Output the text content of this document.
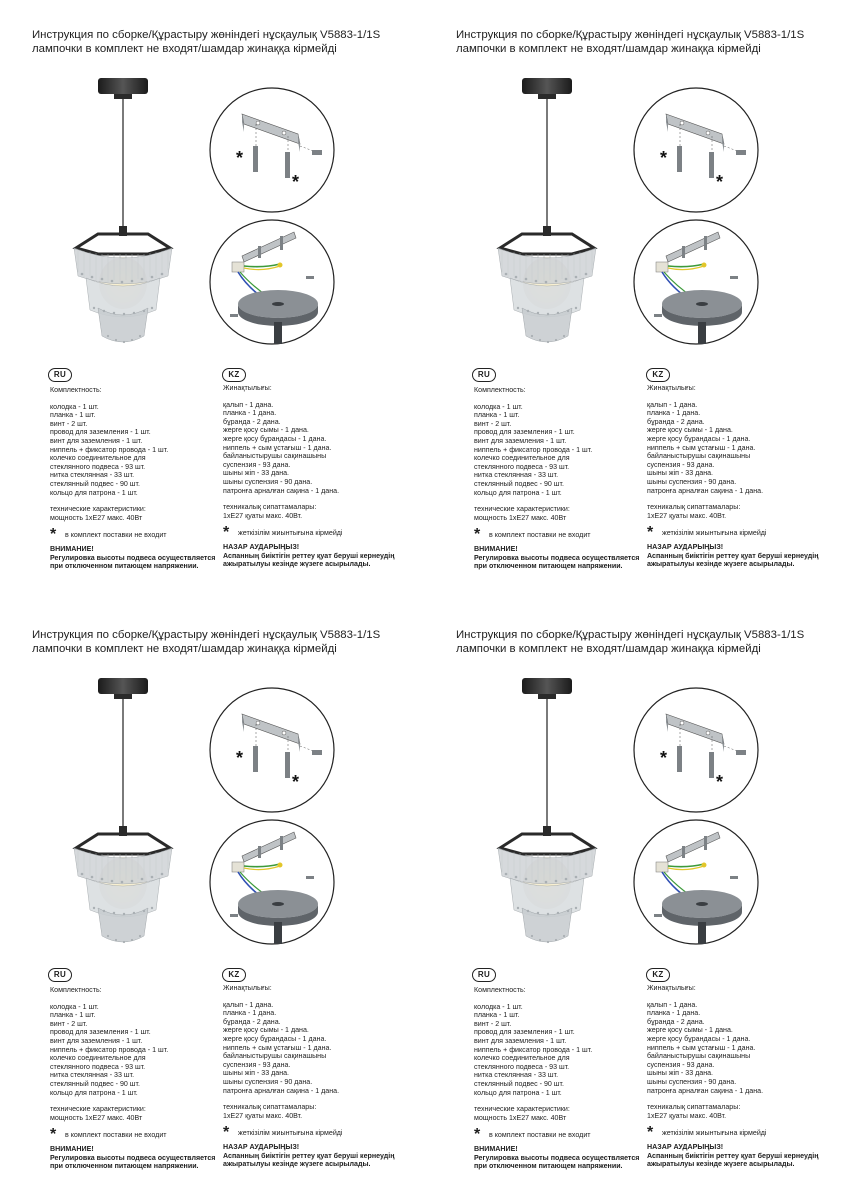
Инструкция по сборке/Құрастыру жөніндегі нұсқаулық V5883-1/1S
лампочки в комплект не входят/шамдар жинаққа кірмейді
*
*
RU
Комплектность:
колодка - 1 шт.
планка - 1 шт.
винт - 2 шт.
провод для заземления - 1 шт.
винт для заземления - 1 шт.
ниппель + фиксатор провода - 1 шт.
колечко соединительное для
стеклянного подвеса - 93 шт.
нитка стеклянная - 33 шт.
стеклянный подвес - 90 шт.
кольцо для патрона - 1 шт.
технические характеристики:
мощность 1хE27 макс. 40Вт
* в комплект поставки не входит
ВНИМАНИЕ!
Регулировка высоты подвеса осуществляется
при отключенном питающем напряжении.
KZ
Жинақтылығы:
қалып - 1 дана.
планка - 1 дана.
бұранда - 2 дана.
жерге қосу сымы - 1 дана.
жерге қосу бұрандасы - 1 дана.
ниппель + сым ұстағыш - 1 дана.
байланыстырушы сақинашыны
суспензия - 93 дана.
шыны жіп - 33 дана.
шыны суспензия - 90 дана.
патронға арналған сақина - 1 дана.
техникалық сипаттамалары:
1хE27 қуаты макс. 40Вт.
* жеткізілім жиынтығына кірмейді
НАЗАР АУДАРЫҢЫЗ!
Аспанның биіктігін реттеу қуат беруші кернеудің
ажыратылуы кезінде жүзеге асырылады.
Инструкция по сборке/Құрастыру жөніндегі нұсқаулық V5883-1/1S
лампочки в комплект не входят/шамдар жинаққа кірмейді
*
*
RU
Комплектность:
колодка - 1 шт.
планка - 1 шт.
винт - 2 шт.
провод для заземления - 1 шт.
винт для заземления - 1 шт.
ниппель + фиксатор провода - 1 шт.
колечко соединительное для
стеклянного подвеса - 93 шт.
нитка стеклянная - 33 шт.
стеклянный подвес - 90 шт.
кольцо для патрона - 1 шт.
технические характеристики:
мощность 1хE27 макс. 40Вт
* в комплект поставки не входит
ВНИМАНИЕ!
Регулировка высоты подвеса осуществляется
при отключенном питающем напряжении.
KZ
Жинақтылығы:
қалып - 1 дана.
планка - 1 дана.
бұранда - 2 дана.
жерге қосу сымы - 1 дана.
жерге қосу бұрандасы - 1 дана.
ниппель + сым ұстағыш - 1 дана.
байланыстырушы сақинашыны
суспензия - 93 дана.
шыны жіп - 33 дана.
шыны суспензия - 90 дана.
патронға арналған сақина - 1 дана.
техникалық сипаттамалары:
1хE27 қуаты макс. 40Вт.
* жеткізілім жиынтығына кірмейді
НАЗАР АУДАРЫҢЫЗ!
Аспанның биіктігін реттеу қуат беруші кернеудің
ажыратылуы кезінде жүзеге асырылады.
Инструкция по сборке/Құрастыру жөніндегі нұсқаулық V5883-1/1S
лампочки в комплект не входят/шамдар жинаққа кірмейді
*
*
RU
Комплектность:
колодка - 1 шт.
планка - 1 шт.
винт - 2 шт.
провод для заземления - 1 шт.
винт для заземления - 1 шт.
ниппель + фиксатор провода - 1 шт.
колечко соединительное для
стеклянного подвеса - 93 шт.
нитка стеклянная - 33 шт.
стеклянный подвес - 90 шт.
кольцо для патрона - 1 шт.
технические характеристики:
мощность 1хE27 макс. 40Вт
* в комплект поставки не входит
ВНИМАНИЕ!
Регулировка высоты подвеса осуществляется
при отключенном питающем напряжении.
KZ
Жинақтылығы:
қалып - 1 дана.
планка - 1 дана.
бұранда - 2 дана.
жерге қосу сымы - 1 дана.
жерге қосу бұрандасы - 1 дана.
ниппель + сым ұстағыш - 1 дана.
байланыстырушы сақинашыны
суспензия - 93 дана.
шыны жіп - 33 дана.
шыны суспензия - 90 дана.
патронға арналған сақина - 1 дана.
техникалық сипаттамалары:
1хE27 қуаты макс. 40Вт.
* жеткізілім жиынтығына кірмейді
НАЗАР АУДАРЫҢЫЗ!
Аспанның биіктігін реттеу қуат беруші кернеудің
ажыратылуы кезінде жүзеге асырылады.
Инструкция по сборке/Құрастыру жөніндегі нұсқаулық V5883-1/1S
лампочки в комплект не входят/шамдар жинаққа кірмейді
*
*
RU
Комплектность:
колодка - 1 шт.
планка - 1 шт.
винт - 2 шт.
провод для заземления - 1 шт.
винт для заземления - 1 шт.
ниппель + фиксатор провода - 1 шт.
колечко соединительное для
стеклянного подвеса - 93 шт.
нитка стеклянная - 33 шт.
стеклянный подвес - 90 шт.
кольцо для патрона - 1 шт.
технические характеристики:
мощность 1хE27 макс. 40Вт
* в комплект поставки не входит
ВНИМАНИЕ!
Регулировка высоты подвеса осуществляется
при отключенном питающем напряжении.
KZ
Жинақтылығы:
қалып - 1 дана.
планка - 1 дана.
бұранда - 2 дана.
жерге қосу сымы - 1 дана.
жерге қосу бұрандасы - 1 дана.
ниппель + сым ұстағыш - 1 дана.
байланыстырушы сақинашыны
суспензия - 93 дана.
шыны жіп - 33 дана.
шыны суспензия - 90 дана.
патронға арналған сақина - 1 дана.
техникалық сипаттамалары:
1хE27 қуаты макс. 40Вт.
* жеткізілім жиынтығына кірмейді
НАЗАР АУДАРЫҢЫЗ!
Аспанның биіктігін реттеу қуат беруші кернеудің
ажыратылуы кезінде жүзеге асырылады.
